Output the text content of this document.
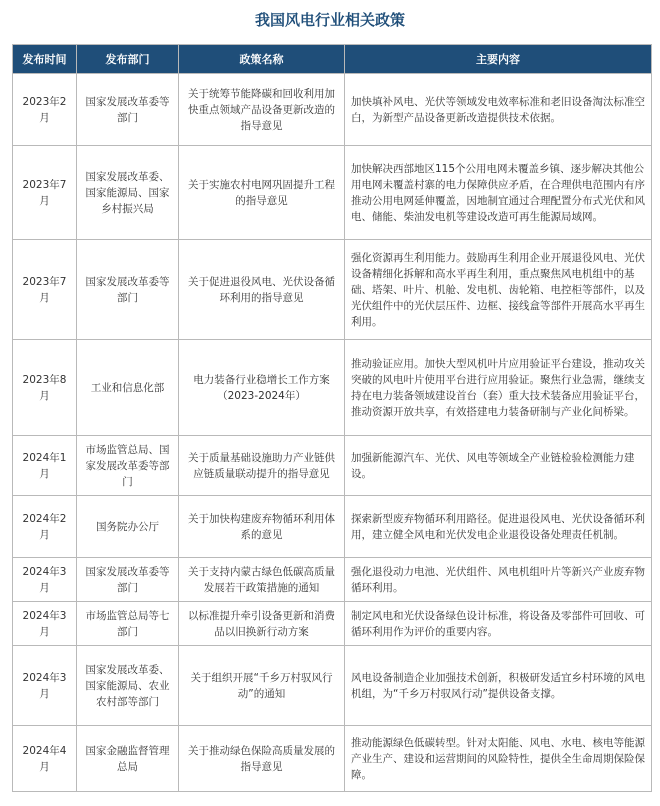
我国风电行业相关政策
发布时间	发布部门	政策名称	主要内容
2023年2月	国家发展改革委等部门	关于统筹节能降碳和回收利用加快重点领域产品设备更新改造的指导意见	加快填补风电、光伏等领域发电效率标准和老旧设备淘汰标准空白，为新型产品设备更新改造提供技术依据。
2023年7月	国家发展改革委、国家能源局、国家乡村振兴局	关于实施农村电网巩固提升工程的指导意见	加快解决西部地区115个公用电网未覆盖乡镇、逐步解决其他公用电网未覆盖村寨的电力保障供应矛盾，在合理供电范围内有序推动公用电网延伸覆盖，因地制宜通过合理配置分布式光伏和风电、储能、柴油发电机等建设改造可再生能源局域网。
2023年7月	国家发展改革委等部门	关于促进退役风电、光伏设备循环利用的指导意见	强化资源再生利用能力。鼓励再生利用企业开展退役风电、光伏设备精细化拆解和高水平再生利用，重点聚焦风电机组中的基础、塔架、叶片、机舱、发电机、齿轮箱、电控柜等部件，以及光伏组件中的光伏层压件、边框、接线盒等部件开展高水平再生利用。
2023年8月	工业和信息化部	电力装备行业稳增长工作方案（2023-2024年）	推动验证应用。加快大型风机叶片应用验证平台建设，推动攻关突破的风电叶片使用平台进行应用验证。聚焦行业急需，继续支持在电力装备领域建设首台（套）重大技术装备应用验证平台，推动资源开放共享，有效搭建电力装备研制与产业化间桥梁。
2024年1月	市场监管总局、国家发展改革委等部门	关于质量基础设施助力产业链供应链质量联动提升的指导意见	加强新能源汽车、光伏、风电等领域全产业链检验检测能力建设。
2024年2月	国务院办公厅	关于加快构建废弃物循环利用体系的意见	探索新型废弃物循环利用路径。促进退役风电、光伏设备循环利用，建立健全风电和光伏发电企业退役设备处理责任机制。
2024年3月	国家发展改革委等部门	关于支持内蒙古绿色低碳高质量发展若干政策措施的通知	强化退役动力电池、光伏组件、风电机组叶片等新兴产业废弃物循环利用。
2024年3月	市场监管总局等七部门	以标准提升牵引设备更新和消费品以旧换新行动方案	制定风电和光伏设备绿色设计标准，将设备及零部件可回收、可循环利用作为评价的重要内容。
2024年3月	国家发展改革委、国家能源局、农业农村部等部门	关于组织开展“千乡万村驭风行动”的通知	风电设备制造企业加强技术创新，积极研发适宜乡村环境的风电机组，为“千乡万村驭风行动”提供设备支撑。
2024年4月	国家金融监督管理总局	关于推动绿色保险高质量发展的指导意见	推动能源绿色低碳转型。针对太阳能、风电、水电、核电等能源产业生产、建设和运营期间的风险特性，提供全生命周期保险保障。
